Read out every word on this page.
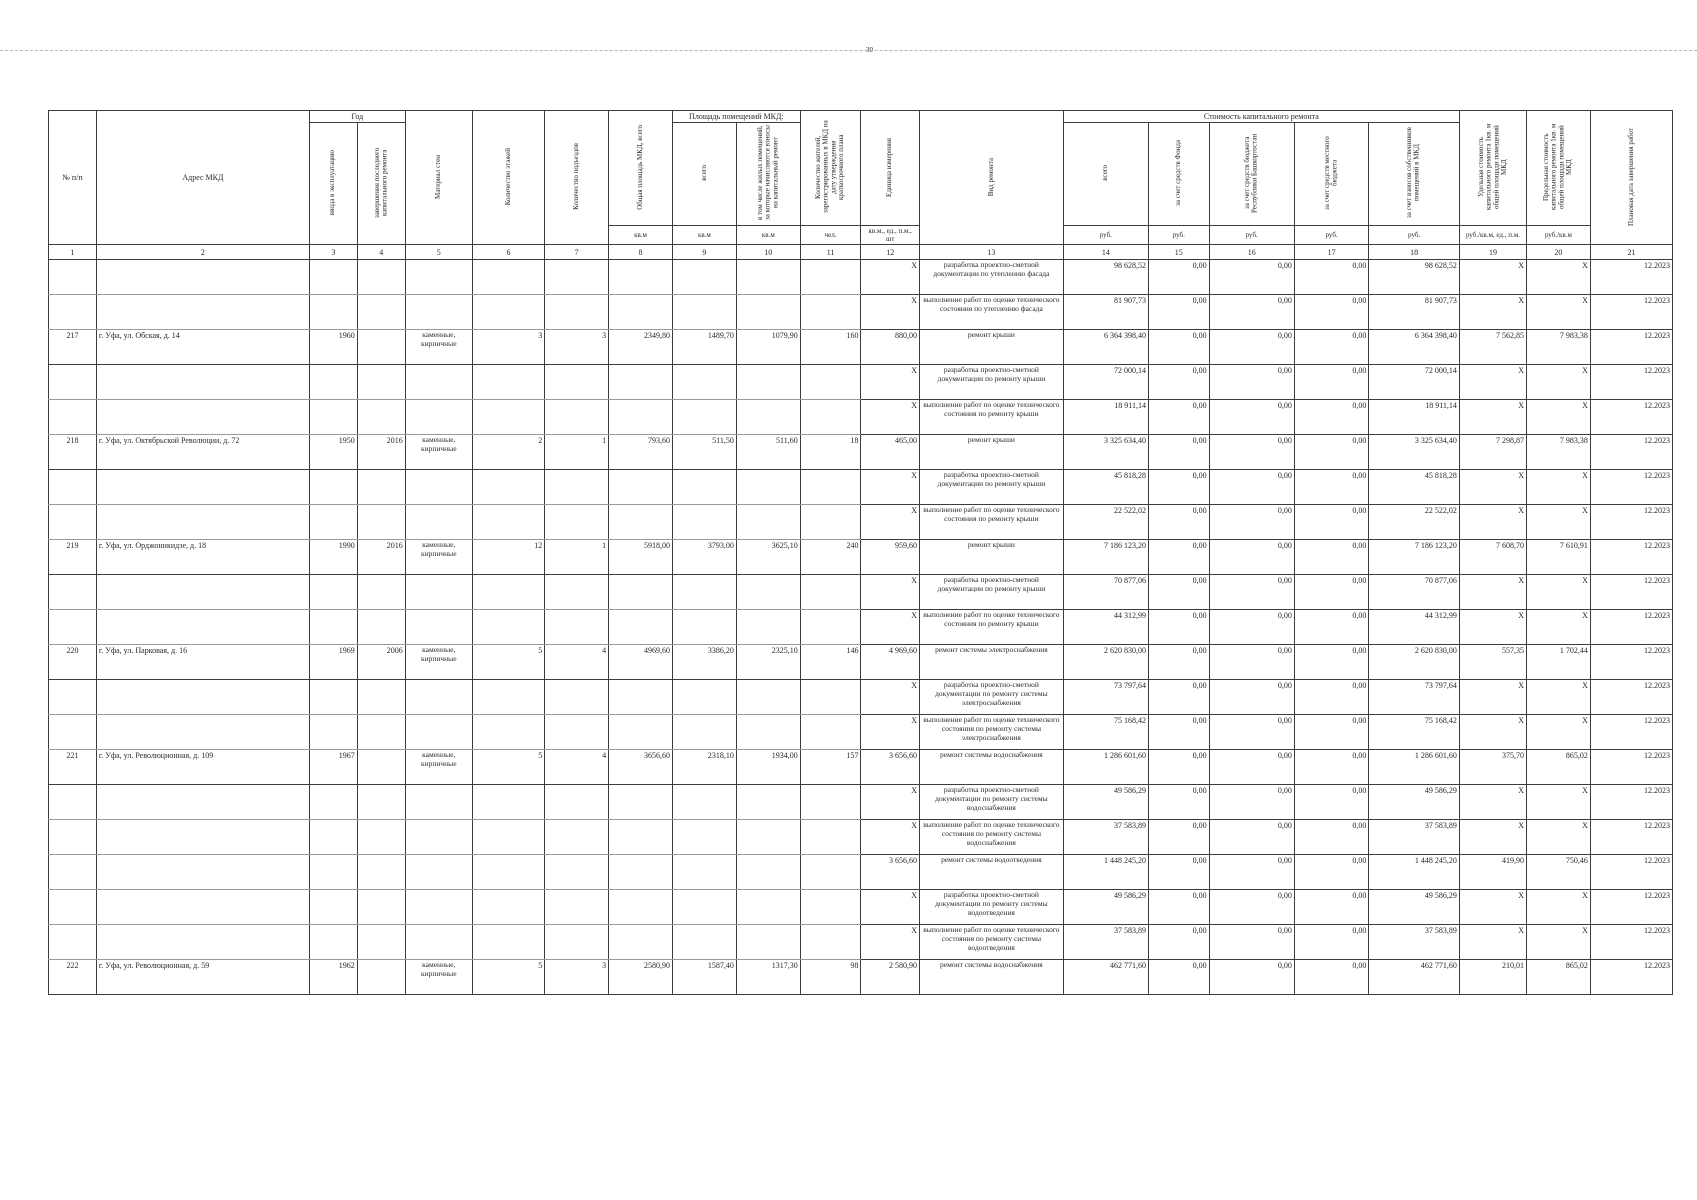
30
№ п/п	Адрес МКД	Год		Материал стен	Количество этажей	Количество подъездов	Общая площадь МКД, всего	Площадь помещений МКД:		Количество жителей, зарегистрированных в МКД на дату утверждения краткосрочного плана	Единица измерения	Вид ремонта	Стоимость капитального ремонта					Удельная стоимость капитального ремонта 1кв. м общей площади помещений МКД	Предельная стоимость капитального ремонта 1кв. м общей площади помещений МКД	Плановая дата завершения работ
		ввода в эксплуатацию	завершения последнего капитального ремонта					всего	в том числе жилых помещений, за которые начисляются взносы на капитальный ремонт				всего	за счет средств Фонда	за счет средств бюджета Республики Башкортостан	за счет средств местного бюджета	за счет взносов собственников помещений в МКД			
							кв.м	кв.м	кв.м	чел.	кв.м., ед., п.м., шт		руб.	руб.	руб.	руб.	руб.	руб./кв.м, ед., п.м.	руб./кв.м	
1	2	3	4	5	6	7	8	9	10	11	12	13	14	15	16	17	18	19	20	21
											X	разработка проектно-сметной документации по утеплению фасада	98 628,52	0,00	0,00	0,00	98 628,52	X	X	12.2023
											X	выполнение работ по оценке технического состояния по утеплению фасада	81 907,73	0,00	0,00	0,00	81 907,73	X	X	12.2023
217	г. Уфа, ул. Обская, д. 14	1960		каменные, кирпичные	3	3	2349,80	1489,70	1079,90	160	880,00	ремонт крыши	6 364 398,40	0,00	0,00	0,00	6 364 398,40	7 562,85	7 983,38	12.2023
											X	разработка проектно-сметной документации по ремонту крыши	72 000,14	0,00	0,00	0,00	72 000,14	X	X	12.2023
											X	выполнение работ по оценке технического состояния по ремонту крыши	18 911,14	0,00	0,00	0,00	18 911,14	X	X	12.2023
218	г. Уфа, ул. Октябрьской Революции, д. 72	1950	2016	каменные, кирпичные	2	1	793,60	511,50	511,60	18	465,00	ремонт крыши	3 325 634,40	0,00	0,00	0,00	3 325 634,40	7 298,87	7 983,38	12.2023
											X	разработка проектно-сметной документации по ремонту крыши	45 818,28	0,00	0,00	0,00	45 818,28	X	X	12.2023
											X	выполнение работ по оценке технического состояния по ремонту крыши	22 522,02	0,00	0,00	0,00	22 522,02	X	X	12.2023
219	г. Уфа, ул. Орджоникидзе, д. 18	1990	2016	каменные, кирпичные	12	1	5918,00	3793,00	3625,10	240	959,60	ремонт крыши	7 186 123,20	0,00	0,00	0,00	7 186 123,20	7 608,70	7 610,91	12.2023
											X	разработка проектно-сметной документации по ремонту крыши	70 877,06	0,00	0,00	0,00	70 877,06	X	X	12.2023
											X	выполнение работ по оценке технического состояния по ремонту крыши	44 312,99	0,00	0,00	0,00	44 312,99	X	X	12.2023
220	г. Уфа, ул. Парковая, д. 16	1969	2006	каменные, кирпичные	5	4	4969,60	3386,20	2325,10	146	4 969,60	ремонт системы электроснабжения	2 620 830,00	0,00	0,00	0,00	2 620 830,00	557,35	1 702,44	12.2023
											X	разработка проектно-сметной документации по ремонту системы электроснабжения	73 797,64	0,00	0,00	0,00	73 797,64	X	X	12.2023
											X	выполнение работ по оценке технического состояния по ремонту системы электроснабжения	75 168,42	0,00	0,00	0,00	75 168,42	X	X	12.2023
221	г. Уфа, ул. Революционная, д. 109	1967		каменные, кирпичные	5	4	3656,60	2318,10	1934,00	157	3 656,60	ремонт системы водоснабжения	1 286 601,60	0,00	0,00	0,00	1 286 601,60	375,70	865,02	12.2023
											X	разработка проектно-сметной документации по ремонту системы водоснабжения	49 586,29	0,00	0,00	0,00	49 586,29	X	X	12.2023
											X	выполнение работ по оценке технического состояния по ремонту системы водоснабжения	37 583,89	0,00	0,00	0,00	37 583,89	X	X	12.2023
											3 656,60	ремонт системы водоотведения	1 448 245,20	0,00	0,00	0,00	1 448 245,20	419,90	750,46	12.2023
											X	разработка проектно-сметной документации по ремонту системы водоотведения	49 586,29	0,00	0,00	0,00	49 586,29	X	X	12.2023
											X	выполнение работ по оценке технического состояния по ремонту системы водоотведения	37 583,89	0,00	0,00	0,00	37 583,89	X	X	12.2023
222	г. Уфа, ул. Революционная, д. 59	1962		каменные, кирпичные	5	3	2580,90	1587,40	1317,30	98	2 580,90	ремонт системы водоснабжения	462 771,60	0,00	0,00	0,00	462 771,60	210,01	865,02	12.2023
